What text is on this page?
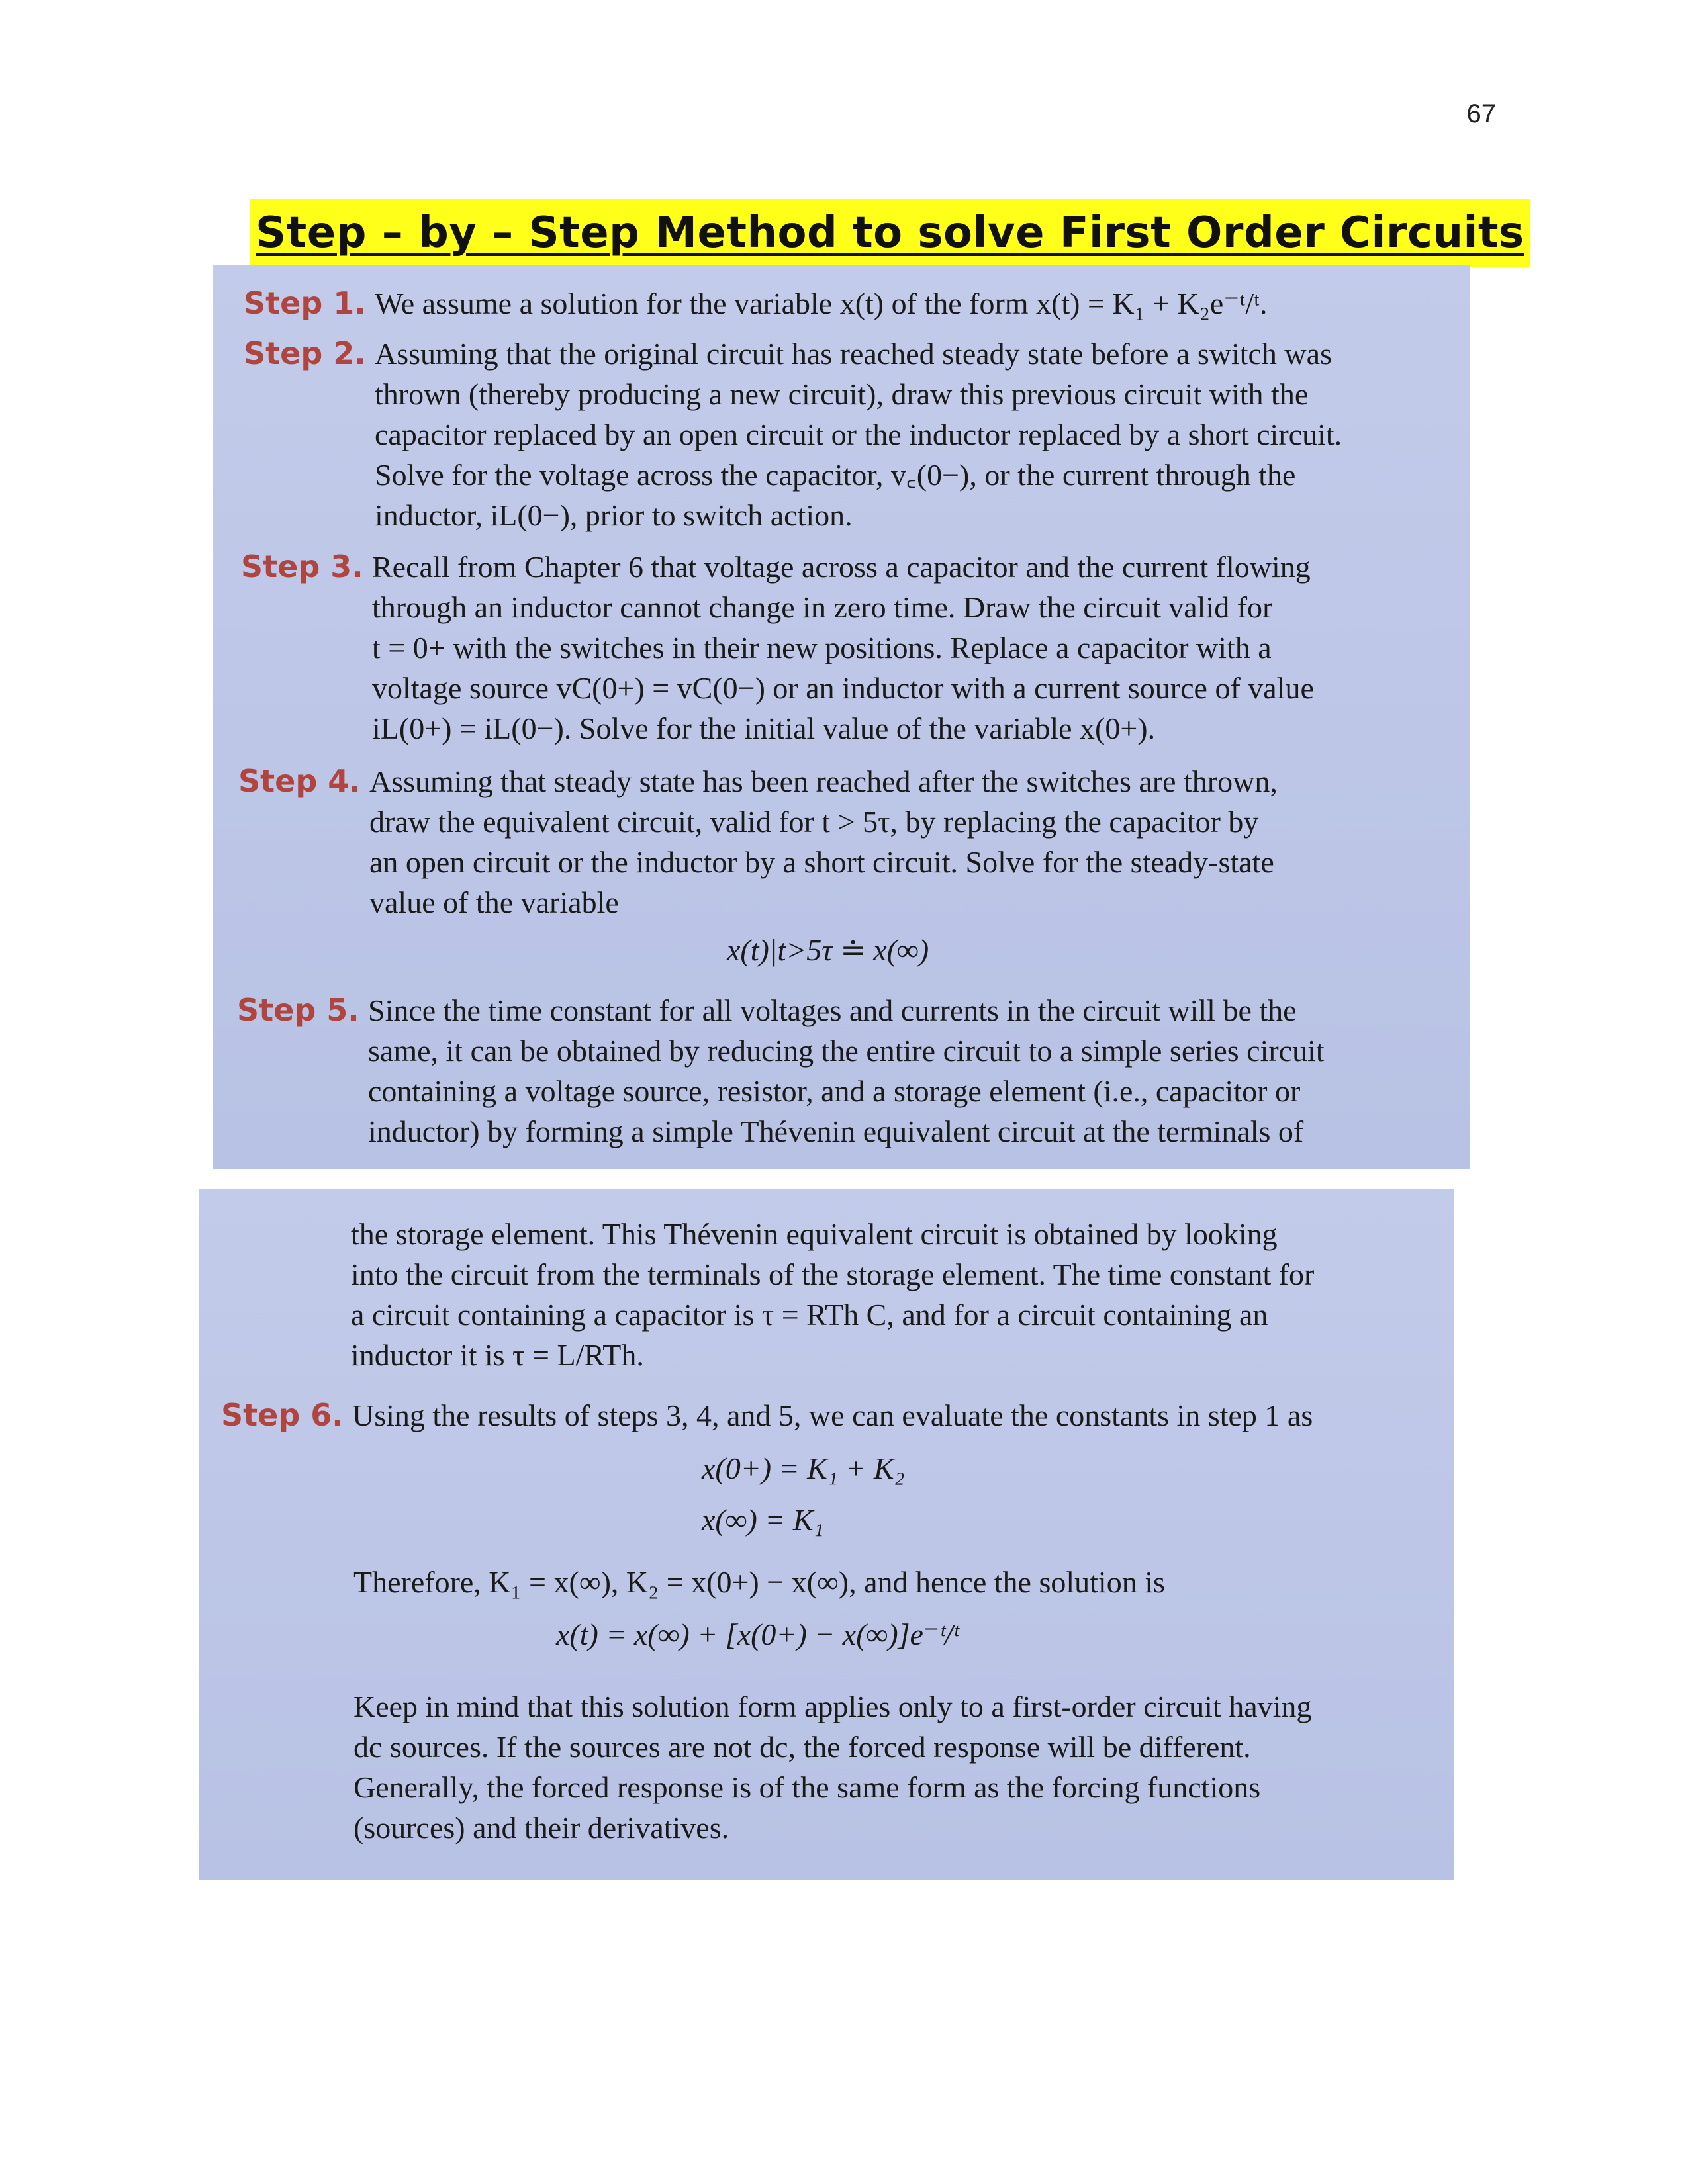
67
Step – by – Step Method to solve First Order Circuits
Step 1. We assume a solution for the variable x(t) of the form x(t) = K₁ + K₂e⁻ᵗ/ᵗ.
Step 2. Assuming that the original circuit has reached steady state before a switch was
thrown (thereby producing a new circuit), draw this previous circuit with the
capacitor replaced by an open circuit or the inductor replaced by a short circuit.
Solve for the voltage across the capacitor, v꜀(0−), or the current through the
inductor, iL(0−), prior to switch action.
Step 3. Recall from Chapter 6 that voltage across a capacitor and the current flowing
through an inductor cannot change in zero time. Draw the circuit valid for
t = 0+ with the switches in their new positions. Replace a capacitor with a
voltage source vC(0+) = vC(0−) or an inductor with a current source of value
iL(0+) = iL(0−). Solve for the initial value of the variable x(0+).
Step 4. Assuming that steady state has been reached after the switches are thrown,
draw the equivalent circuit, valid for t > 5τ, by replacing the capacitor by
an open circuit or the inductor by a short circuit. Solve for the steady-state
value of the variable
x(t)|t>5τ ≐ x(∞)
Step 5. Since the time constant for all voltages and currents in the circuit will be the
same, it can be obtained by reducing the entire circuit to a simple series circuit
containing a voltage source, resistor, and a storage element (i.e., capacitor or
inductor) by forming a simple Thévenin equivalent circuit at the terminals of
the storage element. This Thévenin equivalent circuit is obtained by looking
into the circuit from the terminals of the storage element. The time constant for
a circuit containing a capacitor is τ = RTh C, and for a circuit containing an
inductor it is τ = L/RTh.
Step 6. Using the results of steps 3, 4, and 5, we can evaluate the constants in step 1 as
x(0+) = K₁ + K₂
x(∞) = K₁
Therefore, K₁ = x(∞), K₂ = x(0+) − x(∞), and hence the solution is
x(t) = x(∞) + [x(0+) − x(∞)]e⁻ᵗ/ᵗ
Keep in mind that this solution form applies only to a first-order circuit having
dc sources. If the sources are not dc, the forced response will be different.
Generally, the forced response is of the same form as the forcing functions
(sources) and their derivatives.
